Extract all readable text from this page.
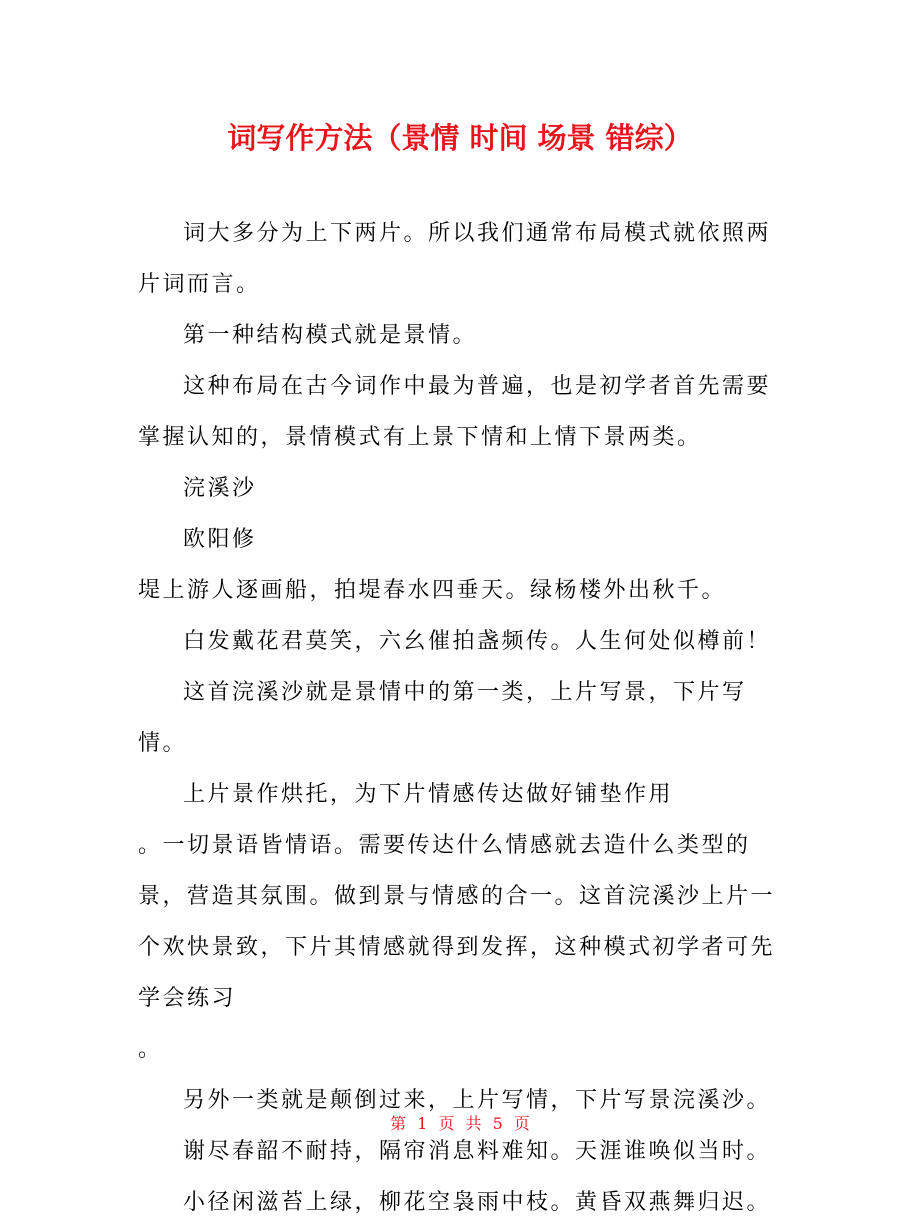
词写作方法（景情 时间 场景 错综）

词大多分为上下两片。所以我们通常布局模式就依照两片词而言。

第一种结构模式就是景情。

这种布局在古今词作中最为普遍，也是初学者首先需要掌握认知的，景情模式有上景下情和上情下景两类。

浣溪沙

欧阳修

堤上游人逐画船，拍堤春水四垂天。绿杨楼外出秋千。

白发戴花君莫笑，六幺催拍盏频传。人生何处似樽前！

这首浣溪沙就是景情中的第一类，上片写景，下片写情。

上片景作烘托，为下片情感传达做好铺垫作用

。一切景语皆情语。需要传达什么情感就去造什么类型的景，营造其氛围。做到景与情感的合一。这首浣溪沙上片一个欢快景致，下片其情感就得到发挥，这种模式初学者可先学会练习

。

另外一类就是颠倒过来，上片写情，下片写景浣溪沙。

谢尽春韶不耐持，隔帘消息料难知。天涯谁唤似当时。

小径闲滋苔上绿，柳花空袅雨中枝。黄昏双燕舞归迟。

第 1 页 共 5 页
